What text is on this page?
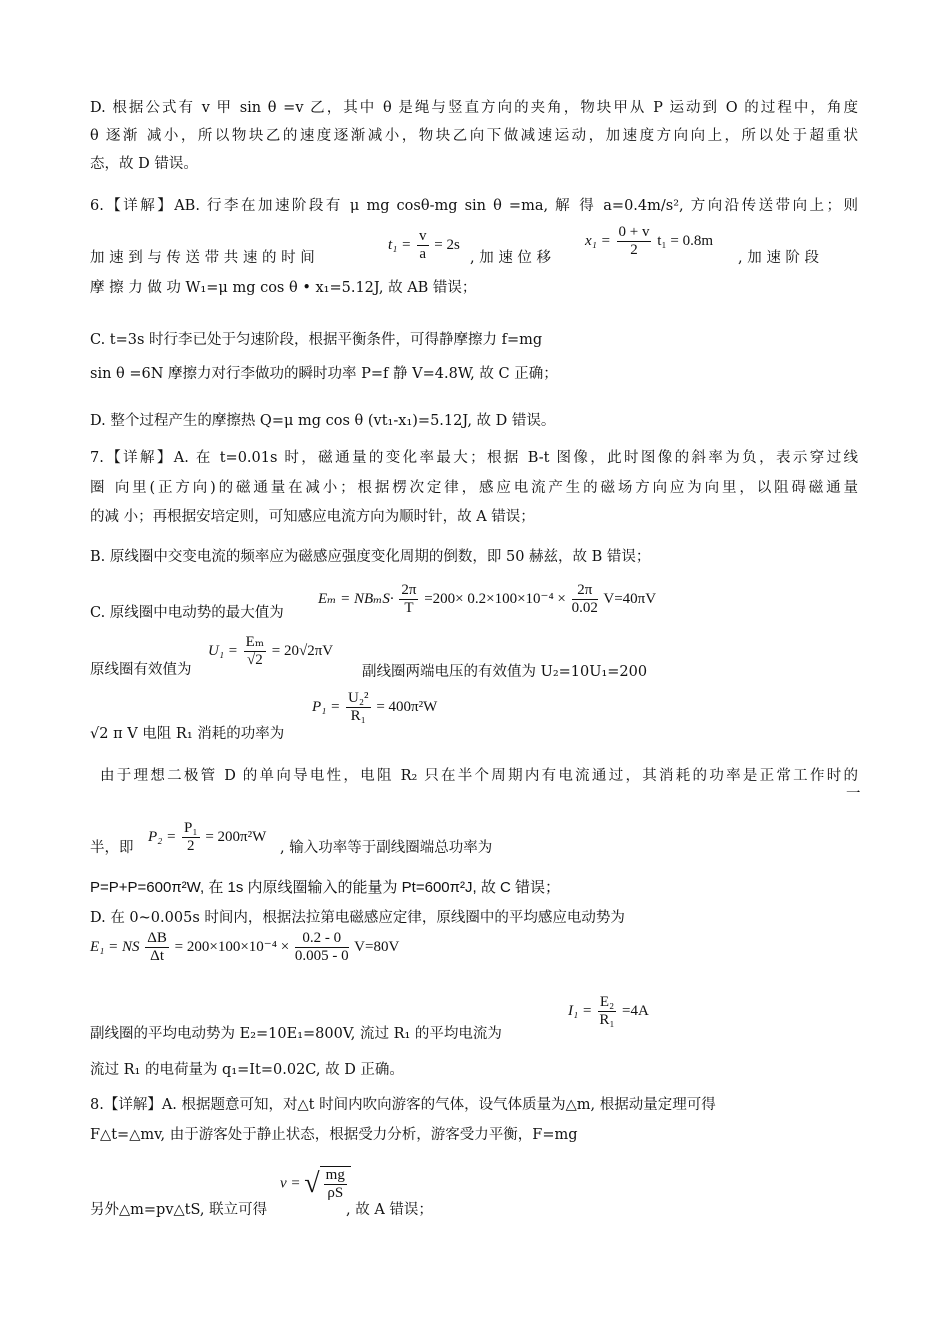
D. 根据公式有 v 甲 sin θ =v 乙，其中 θ 是绳与竖直方向的夹角，物块甲从 P 运动到 O 的过程中，角度
θ 逐渐 减小，所以物块乙的速度逐渐减小，物块乙向下做减速运动，加速度方向向上，所以处于超重状
态，故 D 错误。
6.【详解】AB. 行李在加速阶段有 μ mg cosθ-mg sin θ =ma, 解 得 a=0.4m/s², 方向沿传送带向上；则
加 速 到 与 传 送 带 共 速 的 时 间
$t_1 = \frac{v}{a} = 2s$
, 加 速 位 移
$x_1 = \frac{0 + v}{2} t_1 = 0.8m$
, 加 速 阶 段
摩 擦 力 做 功 W₁=μ mg cos θ • x₁=5.12J, 故 AB 错误；
C. t=3s 时行李已处于匀速阶段，根据平衡条件，可得静摩擦力 f=mg
sin θ =6N 摩擦力对行李做功的瞬时功率 P=f 静 V=4.8W, 故 C 正确；
D. 整个过程产生的摩擦热 Q=μ mg cos θ (vt₁-x₁)=5.12J, 故 D 错误。
7.【详解】A. 在 t=0.01s 时，磁通量的变化率最大；根据 B-t 图像，此时图像的斜率为负，表示穿过线
圈 向里(正方向)的磁通量在减小；根据楞次定律，感应电流产生的磁场方向应为向里，以阻碍磁通量
的减 小；再根据安培定则，可知感应电流方向为顺时针，故 A 错误；
B. 原线圈中交变电流的频率应为磁感应强度变化周期的倒数，即 50 赫兹，故 B 错误；
C. 原线圈中电动势的最大值为
$E_m = NB_mS\cdot \frac{2\pi}{T} =200\times 0.2\times 100\times 10^{-4} \times \frac{2\pi}{0.02} V=40\pi V$
原线圈有效值为
$U_1 = \frac{\text{Eₘ}}{√2} = 20√2\pi V$
副线圈两端电压的有效值为 U₂=10U₁=200
$P_1 = \frac{\text{U₂²}}{\text{R₁}} = 400\pi^2W$
√2 π V 电阻 R₁ 消耗的功率为
由于理想二极管 D 的单向导电性，电阻 R₂ 只在半个周期内有电流通过，其消耗的功率是正常工作时的
一
半，即
$P_2 = \frac{\text{P₁}}{2} = 200\pi^2W$
, 输入功率等于副线圈端总功率为
P=P+P=600π²W, 在 1s 内原线圈输入的能量为 Pt=600π²J, 故 C 错误；
D. 在 0~0.005s 时间内，根据法拉第电磁感应定律，原线圈中的平均感应电动势为
E₁ = NS $\frac{\Delta B}{\Delta t} = 200\times 100\times 10^{-4} \times \frac{0.2 - 0}{0.005 - 0} V=80V$
副线圈的平均电动势为 E₂=10E₁=800V, 流过 R₁ 的平均电流为
$I_1 = \frac{\text{E₂}}{\text{R₁}} =4A$
流过 R₁ 的电荷量为 q₁=It=0.02C, 故 D 正确。
8.【详解】A. 根据题意可知，对△t 时间内吹向游客的气体，设气体质量为△m, 根据动量定理可得
F△t=△mv, 由于游客处于静止状态，根据受力分析，游客受力平衡，F=mg
另外△m=pv△tS, 联立可得
v = √ $\frac{mg}{\rho S}$
, 故 A 错误；
